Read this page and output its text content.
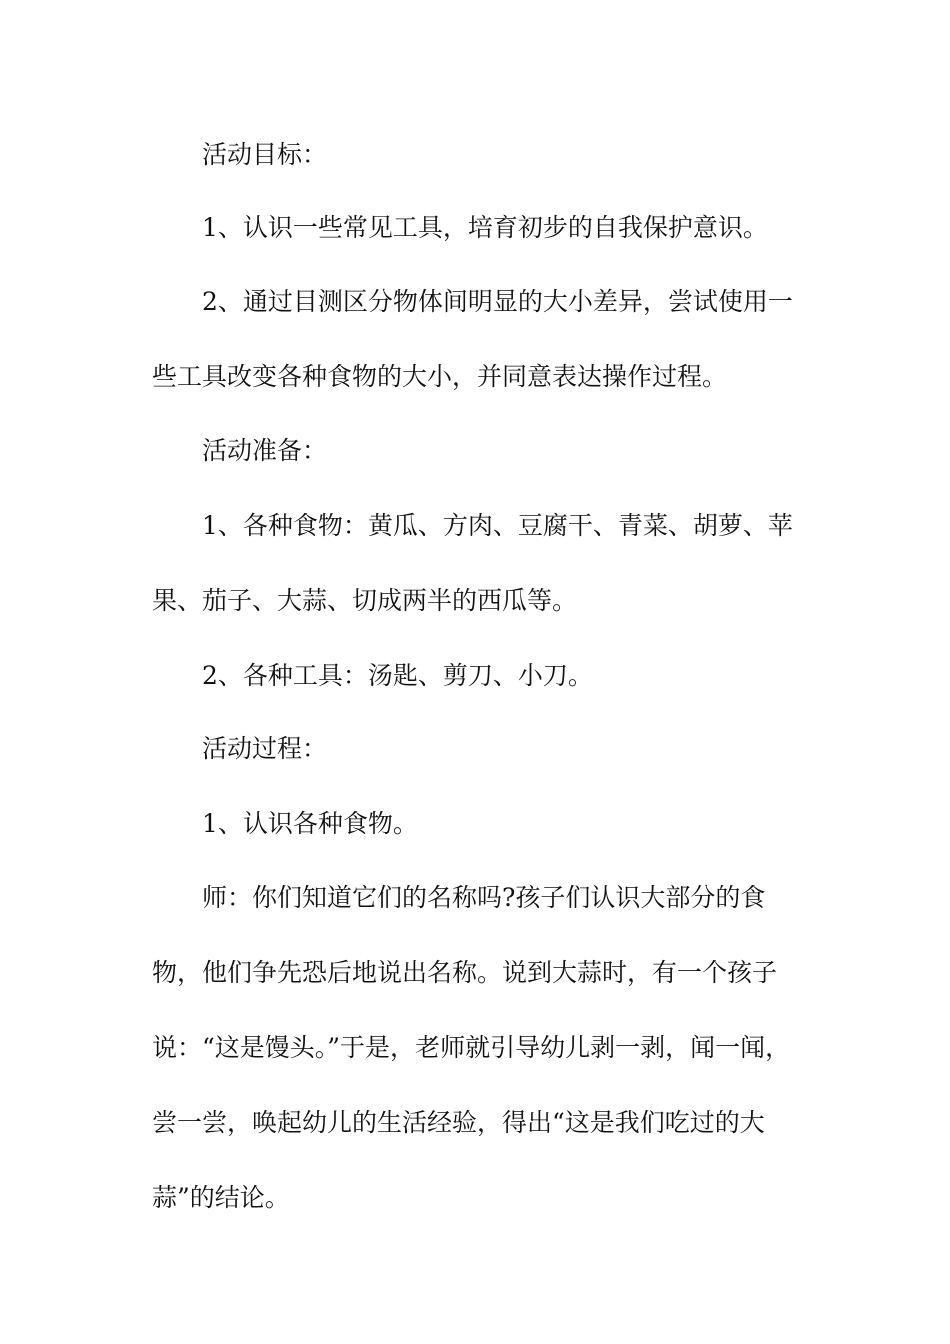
活动目标：

1、认识一些常见工具，培育初步的自我保护意识。

2、通过目测区分物体间明显的大小差异，尝试使用一些工具改变各种食物的大小，并同意表达操作过程。

活动准备：

1、各种食物：黄瓜、方肉、豆腐干、青菜、胡萝、苹果、茄子、大蒜、切成两半的西瓜等。

2、各种工具：汤匙、剪刀、小刀。

活动过程：

1、认识各种食物。

师：你们知道它们的名称吗?孩子们认识大部分的食物，他们争先恐后地说出名称。说到大蒜时，有一个孩子说：“这是馒头。”于是，老师就引导幼儿剥一剥，闻一闻，尝一尝，唤起幼儿的生活经验，得出“这是我们吃过的大蒜”的结论。
